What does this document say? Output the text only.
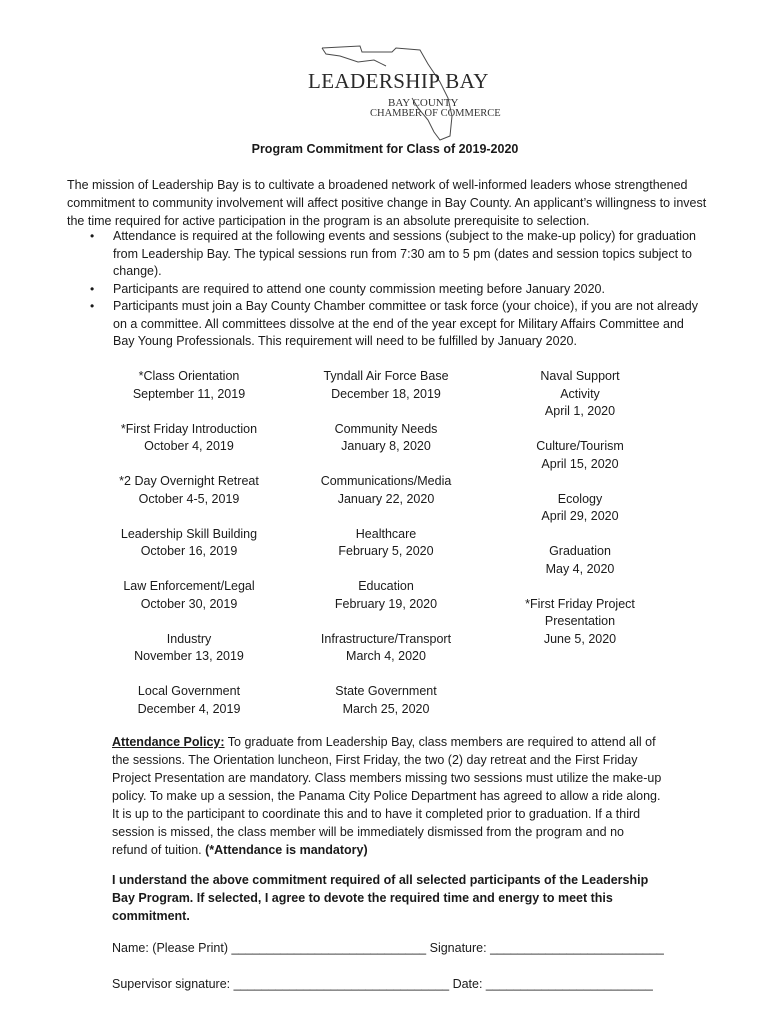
LEADERSHIP BAY
BAY COUNTY
CHAMBER OF COMMERCE
Program Commitment for Class of 2019-2020

The mission of Leadership Bay is to cultivate a broadened network of well-informed leaders whose strengthened commitment to community involvement will affect positive change in Bay County. An applicant’s willingness to invest the time required for active participation in the program is an absolute prerequisite to selection.

• Attendance is required at the following events and sessions (subject to the make-up policy) for graduation from Leadership Bay. The typical sessions run from 7:30 am to 5 pm (dates and session topics subject to change).
• Participants are required to attend one county commission meeting before January 2020.
• Participants must join a Bay County Chamber committee or task force (your choice), if you are not already on a committee. All committees dissolve at the end of the year except for Military Affairs Committee and Bay Young Professionals. This requirement will need to be fulfilled by January 2020.
*Class Orientation
September 11, 2019
*First Friday Introduction
October 4, 2019
*2 Day Overnight Retreat
October 4-5, 2019
Leadership Skill Building
October 16, 2019
Law Enforcement/Legal
October 30, 2019
Industry
November 13, 2019
Local Government
December 4, 2019
Tyndall Air Force Base
December 18, 2019
Community Needs
January 8, 2020
Communications/Media
January 22, 2020
Healthcare
February 5, 2020
Education
February 19, 2020
Infrastructure/Transport
March 4, 2020
State Government
March 25, 2020
Naval Support
Activity
April 1, 2020
Culture/Tourism
April 15, 2020
Ecology
April 29, 2020
Graduation
May 4, 2020
*First Friday Project
Presentation
June 5, 2020

Attendance Policy: To graduate from Leadership Bay, class members are required to attend all of the sessions. The Orientation luncheon, First Friday, the two (2) day retreat and the First Friday Project Presentation are mandatory. Class members missing two sessions must utilize the make-up policy. To make up a session, the Panama City Police Department has agreed to allow a ride along. It is up to the participant to coordinate this and to have it completed prior to graduation. If a third session is missed, the class member will be immediately dismissed from the program and no refund of tuition. (*Attendance is mandatory)

I understand the above commitment required of all selected participants of the Leadership Bay Program. If selected, I agree to devote the required time and energy to meet this commitment.

Name: (Please Print) ____________________________ Signature: _________________________
Supervisor signature: _______________________________ Date: ________________________
